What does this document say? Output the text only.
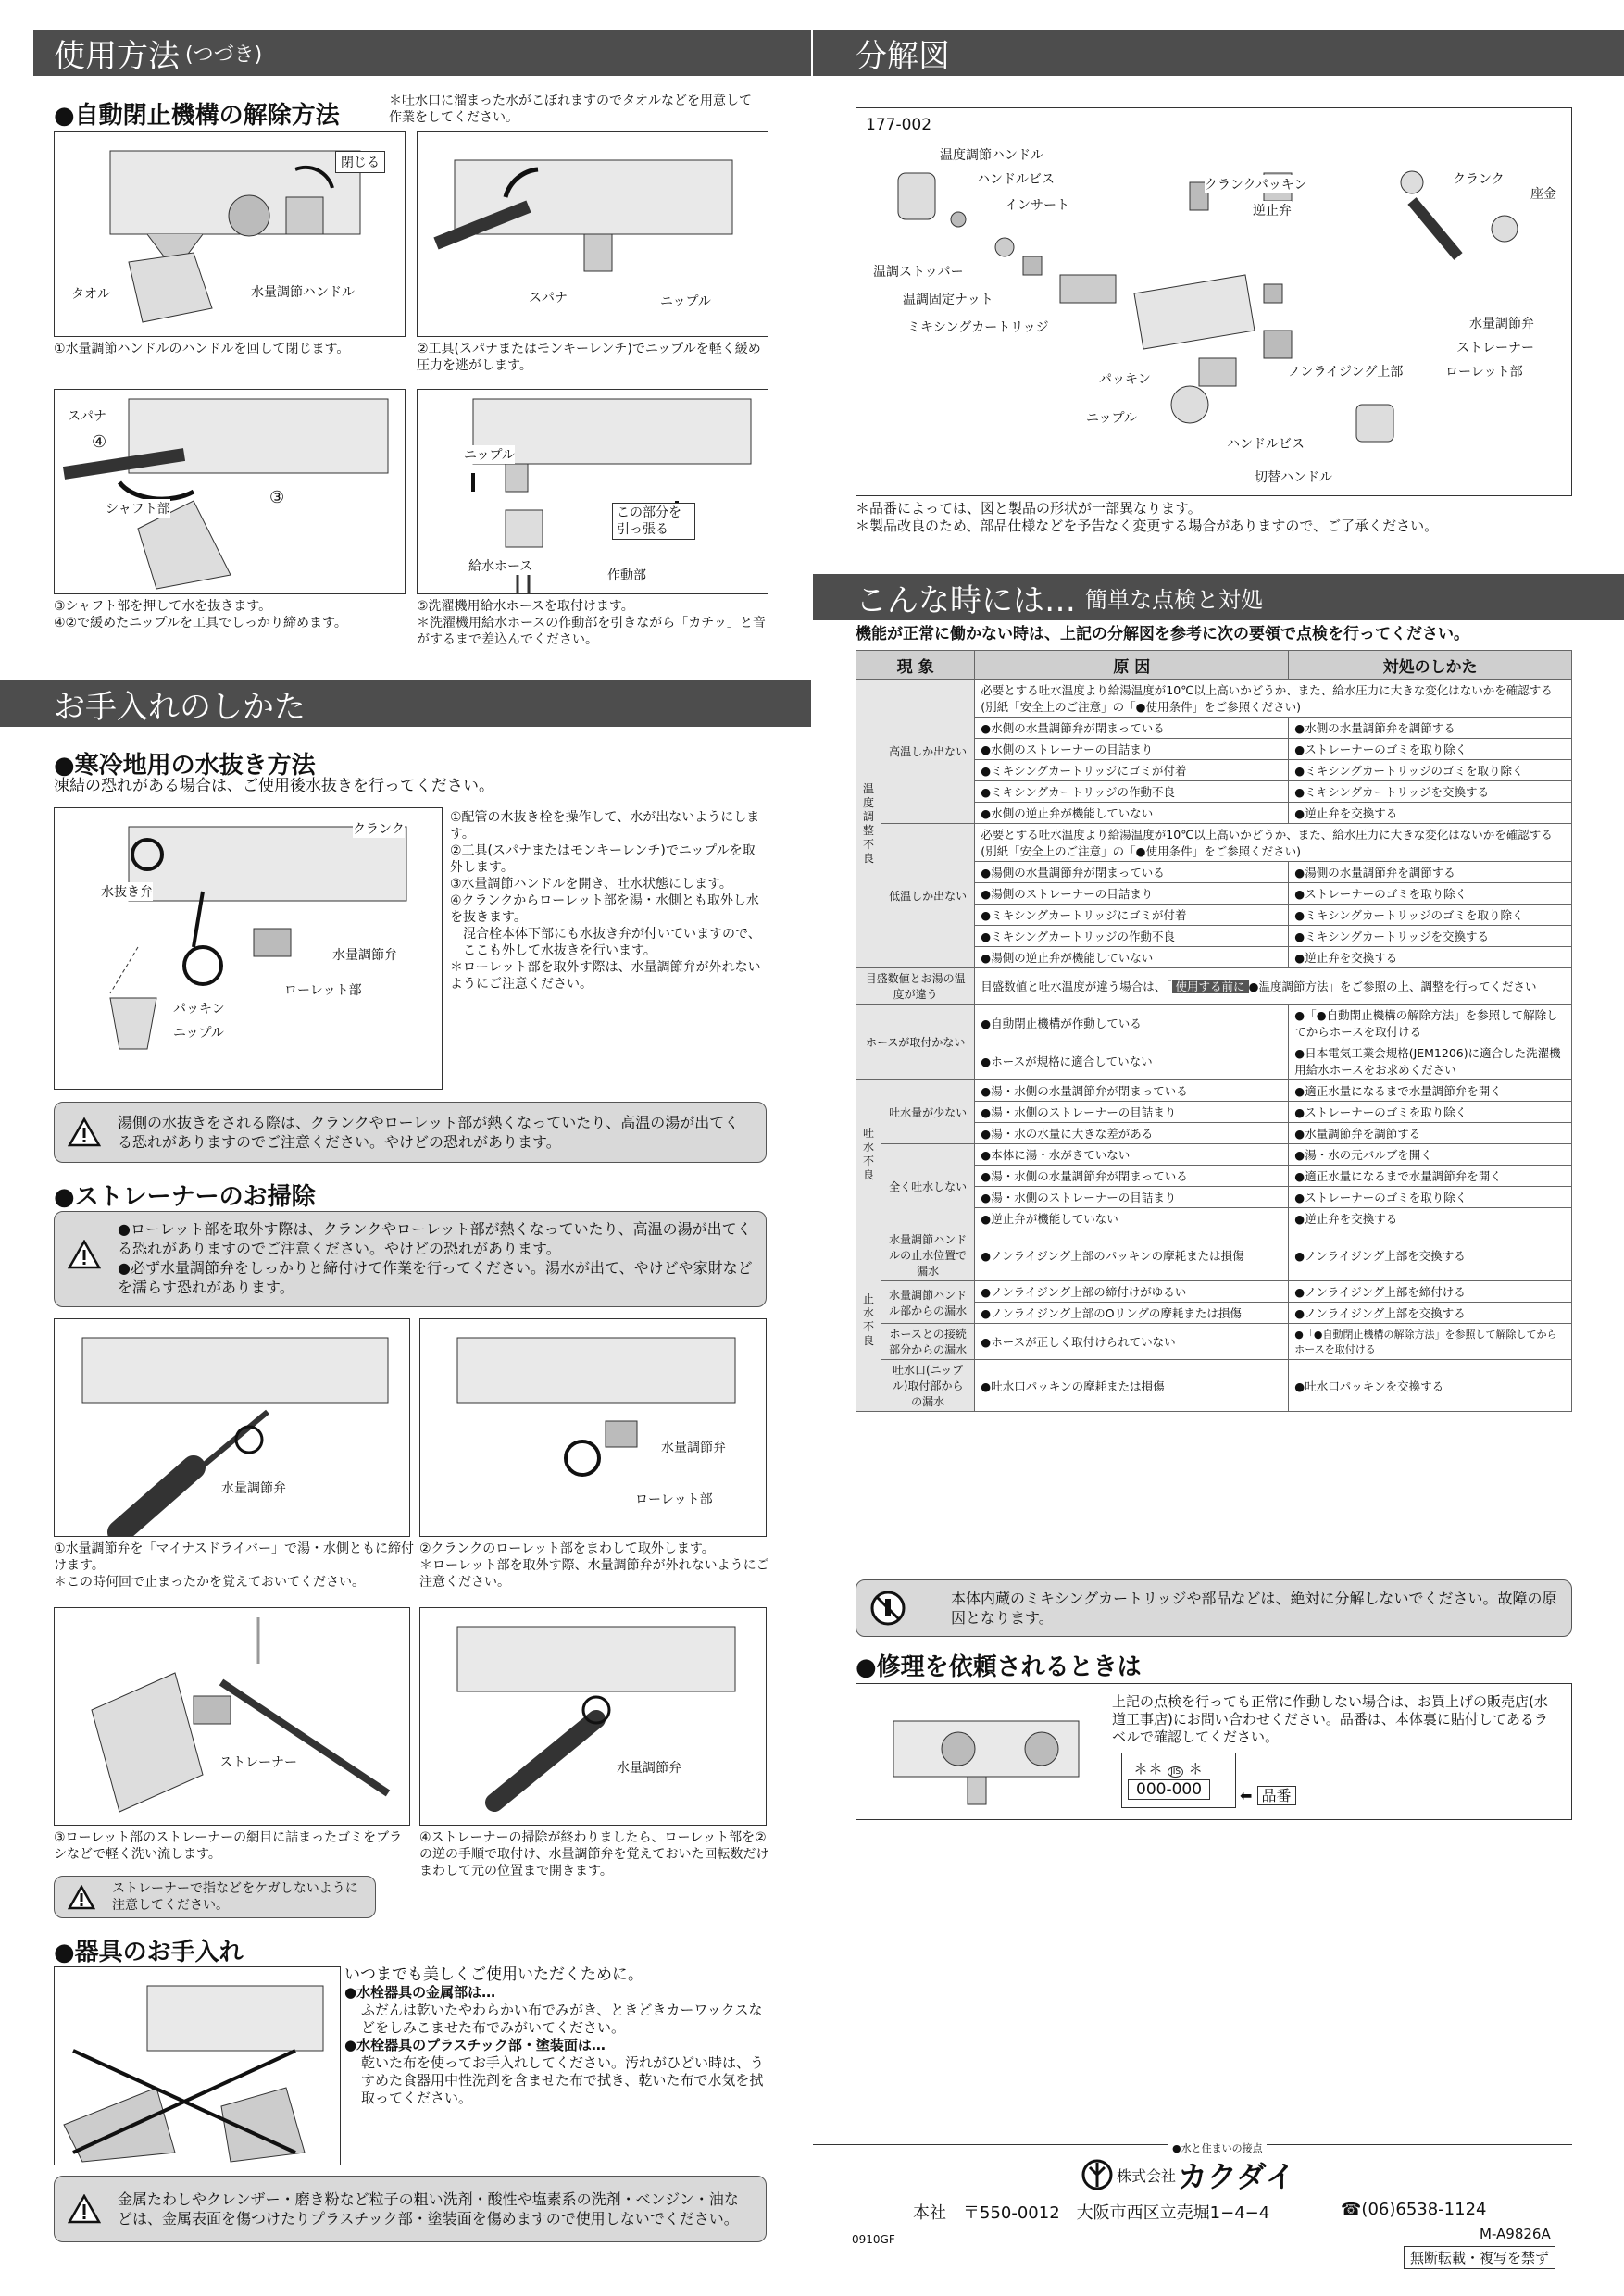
使用方法 (つづき)
●自動閉止機構の解除方法
＊吐水口に溜まった水がこぼれますのでタオルなどを用意して作業をしてください。
閉じる
タオル	水量調節ハンドル
①水量調節ハンドルのハンドルを回して閉じます。
スパナ	ニップル
②工具(スパナまたはモンキーレンチ)でニップルを軽く緩め圧力を逃がします。
スパナ
④
③
シャフト部
③シャフト部を押して水を抜きます。
④②で緩めたニップルを工具でしっかり締めます。
ニップル
この部分を引っ張る
給水ホース
作動部
⑤洗濯機用給水ホースを取付けます。
＊洗濯機用給水ホースの作動部を引きながら「カチッ」と音がするまで差込んでください。
お手入れのしかた
●寒冷地用の水抜き方法
凍結の恐れがある場合は、ご使用後水抜きを行ってください。
クランク
水抜き弁
水量調節弁
ローレット部
パッキン
ニップル
①配管の水抜き栓を操作して、水が出ないようにします。
②工具(スパナまたはモンキーレンチ)でニップルを取外します。
③水量調節ハンドルを開き、吐水状態にします。
④クランクからローレット部を湯・水側とも取外し水を抜きます。
混合栓本体下部にも水抜き弁が付いていますので、ここも外して水抜きを行います。
＊ローレット部を取外す際は、水量調節弁が外れないようにご注意ください。
湯側の水抜きをされる際は、クランクやローレット部が熱くなっていたり、高温の湯が出てくる恐れがありますのでご注意ください。やけどの恐れがあります。
●ストレーナーのお掃除
●ローレット部を取外す際は、クランクやローレット部が熱くなっていたり、高温の湯が出てくる恐れがありますのでご注意ください。やけどの恐れがあります。
●必ず水量調節弁をしっかりと締付けて作業を行ってください。湯水が出て、やけどや家財などを濡らす恐れがあります。
水量調節弁
①水量調節弁を「マイナスドライバー」で湯・水側ともに締付けます。
＊この時何回で止まったかを覚えておいてください。
水量調節弁
ローレット部
②クランクのローレット部をまわして取外します。
＊ローレット部を取外す際、水量調節弁が外れないようにご注意ください。
ストレーナー
③ローレット部のストレーナーの網目に詰まったゴミをブラシなどで軽く洗い流します。
水量調節弁
④ストレーナーの掃除が終わりましたら、ローレット部を②の逆の手順で取付け、水量調節弁を覚えておいた回転数だけまわして元の位置まで開きます。
ストレーナーで指などをケガしないように注意してください。
●器具のお手入れ
いつまでも美しくご使用いただくために。
●水栓器具の金属部は…
ふだんは乾いたやわらかい布でみがき、ときどきカーワックスなどをしみこませた布でみがいてください。
●水栓器具のプラスチック部・塗装面は…
乾いた布を使ってお手入れしてください。汚れがひどい時は、うすめた食器用中性洗剤を含ませた布で拭き、乾いた布で水気を拭取ってください。
金属たわしやクレンザー・磨き粉など粒子の粗い洗剤・酸性や塩素系の洗剤・ベンジン・油などは、金属表面を傷つけたりプラスチック部・塗装面を傷めますので使用しないでください。
分解図
177-002
温度調節ハンドル
ハンドルビス
インサート
温調ストッパー
温調固定ナット
ミキシングカートリッジ
クランクパッキン
逆止弁
クランク
座金
水量調節弁
ストレーナー
ローレット部
ノンライジング上部
パッキン
ニップル
ハンドルビス
切替ハンドル
＊品番によっては、図と製品の形状が一部異なります。
＊製品改良のため、部品仕様などを予告なく変更する場合がありますので、ご了承ください。
こんな時には… 簡単な点検と対処
機能が正常に働かない時は、上記の分解図を参考に次の要領で点検を行ってください。
現 象		原 因	対処のしかた
温度調整不良	高温しか出ない	必要とする吐水温度より給湯温度が10℃以上高いかどうか、また、給水圧力に大きな変化はないかを確認する(別紙「安全上のご注意」の「●使用条件」をご参照ください)	
		●水側の水量調節弁が閉まっている	●水側の水量調節弁を調節する
		●水側のストレーナーの目詰まり	●ストレーナーのゴミを取り除く
		●ミキシングカートリッジにゴミが付着	●ミキシングカートリッジのゴミを取り除く
		●ミキシングカートリッジの作動不良	●ミキシングカートリッジを交換する
		●水側の逆止弁が機能していない	●逆止弁を交換する
	低温しか出ない	必要とする吐水温度より給湯温度が10℃以上高いかどうか、また、給水圧力に大きな変化はないかを確認する(別紙「安全上のご注意」の「●使用条件」をご参照ください)	
		●湯側の水量調節弁が閉まっている	●湯側の水量調節弁を調節する
		●湯側のストレーナーの目詰まり	●ストレーナーのゴミを取り除く
		●ミキシングカートリッジにゴミが付着	●ミキシングカートリッジのゴミを取り除く
		●ミキシングカートリッジの作動不良	●ミキシングカートリッジを交換する
		●湯側の逆止弁が機能していない	●逆止弁を交換する
目盛数値とお湯の温度が違う		目盛数値と吐水温度が違う場合は、「 使用する前に ●温度調節方法」をご参照の上、調整を行ってください	
ホースが取付かない		●自動閉止機構が作動している	●「●自動閉止機構の解除方法」を参照して解除してからホースを取付ける
		●ホースが規格に適合していない	●日本電気工業会規格(JEM1206)に適合した洗濯機用給水ホースをお求めください
吐水不良	吐水量が少ない	●湯・水側の水量調節弁が閉まっている	●適正水量になるまで水量調節弁を開く
		●湯・水側のストレーナーの目詰まり	●ストレーナーのゴミを取り除く
		●湯・水の水量に大きな差がある	●水量調節弁を調節する
	全く吐水しない	●本体に湯・水がきていない	●湯・水の元バルブを開く
		●湯・水側の水量調節弁が閉まっている	●適正水量になるまで水量調節弁を開く
		●湯・水側のストレーナーの目詰まり	●ストレーナーのゴミを取り除く
		●逆止弁が機能していない	●逆止弁を交換する
止水不良	水量調節ハンドルの止水位置で漏水	●ノンライジング上部のパッキンの摩耗または損傷	●ノンライジング上部を交換する
	水量調節ハンドル部からの漏水	●ノンライジング上部の締付けがゆるい	●ノンライジング上部を締付ける
		●ノンライジング上部のOリングの摩耗または損傷	●ノンライジング上部を交換する
	ホースとの接続部分からの漏水	●ホースが正しく取付けられていない	●「●自動閉止機構の解除方法」を参照して解除してからホースを取付ける
	吐水口(ニップル)取付部からの漏水	●吐水口パッキンの摩耗または損傷	●吐水口パッキンを交換する
本体内蔵のミキシングカートリッジや部品などは、絶対に分解しないでください。故障の原因となります。
●修理を依頼されるときは
上記の点検を行っても正常に作動しない場合は、お買上げの販売店(水道工事店)にお問い合わせください。品番は、本体裏に貼付してあるラベルで確認してください。
＊＊ JIS ＊
000-000	⬅ 品番
●水と住まいの接点
株式会社 カクダイ
本社　〒550-0012　大阪市西区立売堀1−4−4	☎(06)6538-1124
M-A9826A
0910GF
無断転載・複写を禁ず
